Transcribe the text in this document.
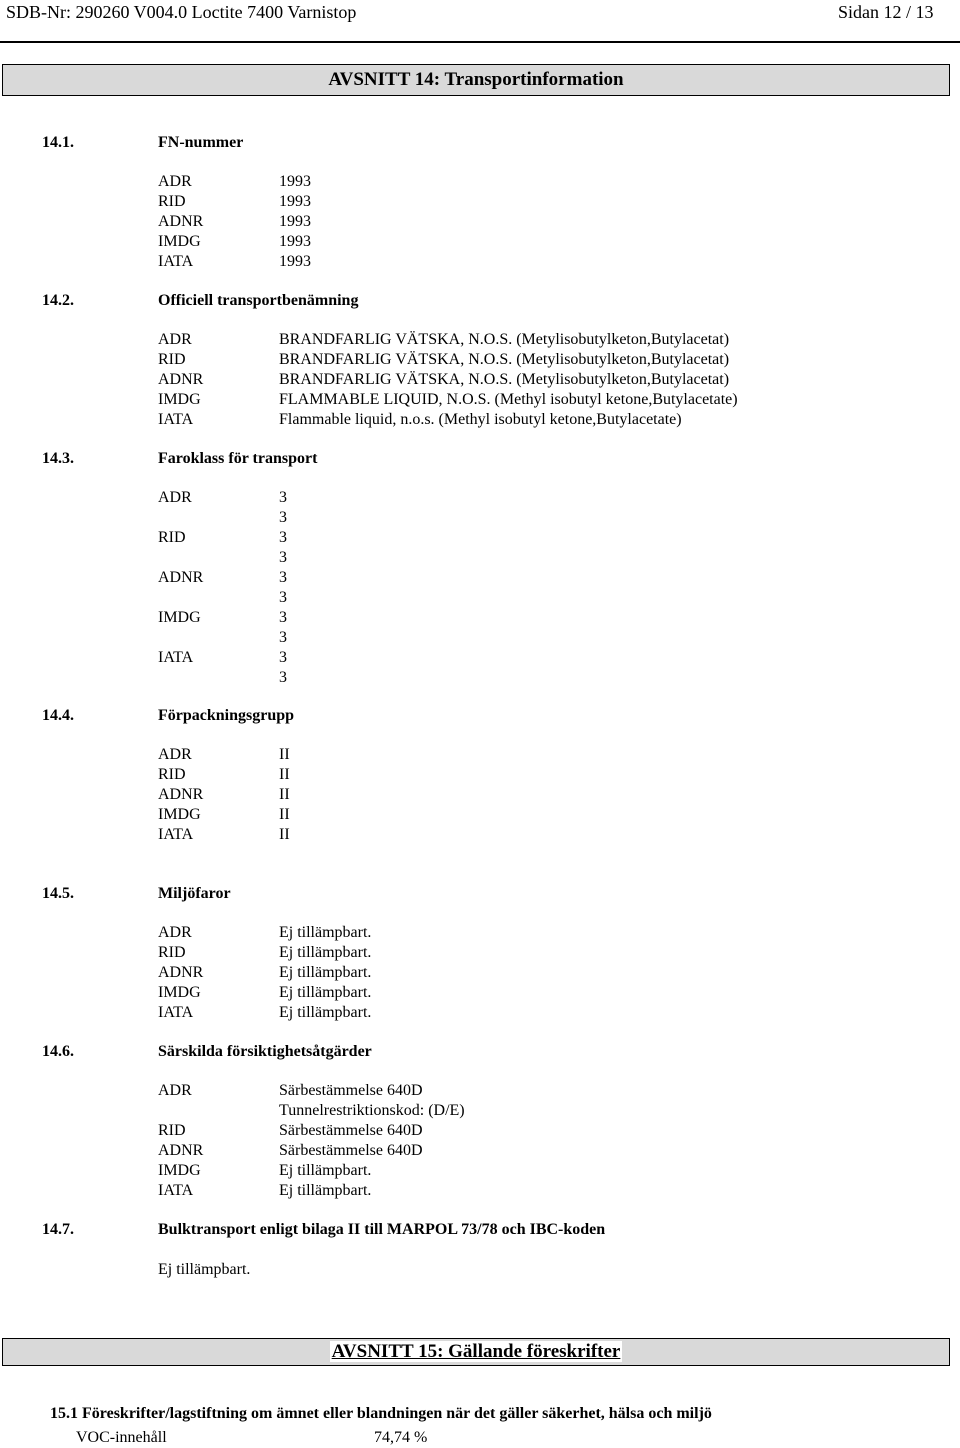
SDB-Nr: 290260 V004.0 Loctite 7400 Varnistop	Sidan 12 / 13
AVSNITT 14: Transportinformation
14.1.	FN-nummer
ADR	1993
RID	1993
ADNR	1993
IMDG	1993
IATA	1993
14.2.	Officiell transportbenämning
ADR	BRANDFARLIG VÄTSKA, N.O.S. (Metylisobutylketon,Butylacetat)
RID	BRANDFARLIG VÄTSKA, N.O.S. (Metylisobutylketon,Butylacetat)
ADNR	BRANDFARLIG VÄTSKA, N.O.S. (Metylisobutylketon,Butylacetat)
IMDG	FLAMMABLE LIQUID, N.O.S. (Methyl isobutyl ketone,Butylacetate)
IATA	Flammable liquid, n.o.s. (Methyl isobutyl ketone,Butylacetate)
14.3.	Faroklass för transport
ADR	3
3
RID	3
3
ADNR	3
3
IMDG	3
3
IATA	3
3
14.4.	Förpackningsgrupp
ADR	II
RID	II
ADNR	II
IMDG	II
IATA	II
14.5.	Miljöfaror
ADR	Ej tillämpbart.
RID	Ej tillämpbart.
ADNR	Ej tillämpbart.
IMDG	Ej tillämpbart.
IATA	Ej tillämpbart.
14.6.	Särskilda försiktighetsåtgärder
ADR	Särbestämmelse 640D
Tunnelrestriktionskod: (D/E)
RID	Särbestämmelse 640D
ADNR	Särbestämmelse 640D
IMDG	Ej tillämpbart.
IATA	Ej tillämpbart.
14.7.	Bulktransport enligt bilaga II till MARPOL 73/78 och IBC-koden
Ej tillämpbart.
AVSNITT 15: Gällande föreskrifter
15.1 Föreskrifter/lagstiftning om ämnet eller blandningen när det gäller säkerhet, hälsa och miljö
VOC-innehåll	74,74 %
